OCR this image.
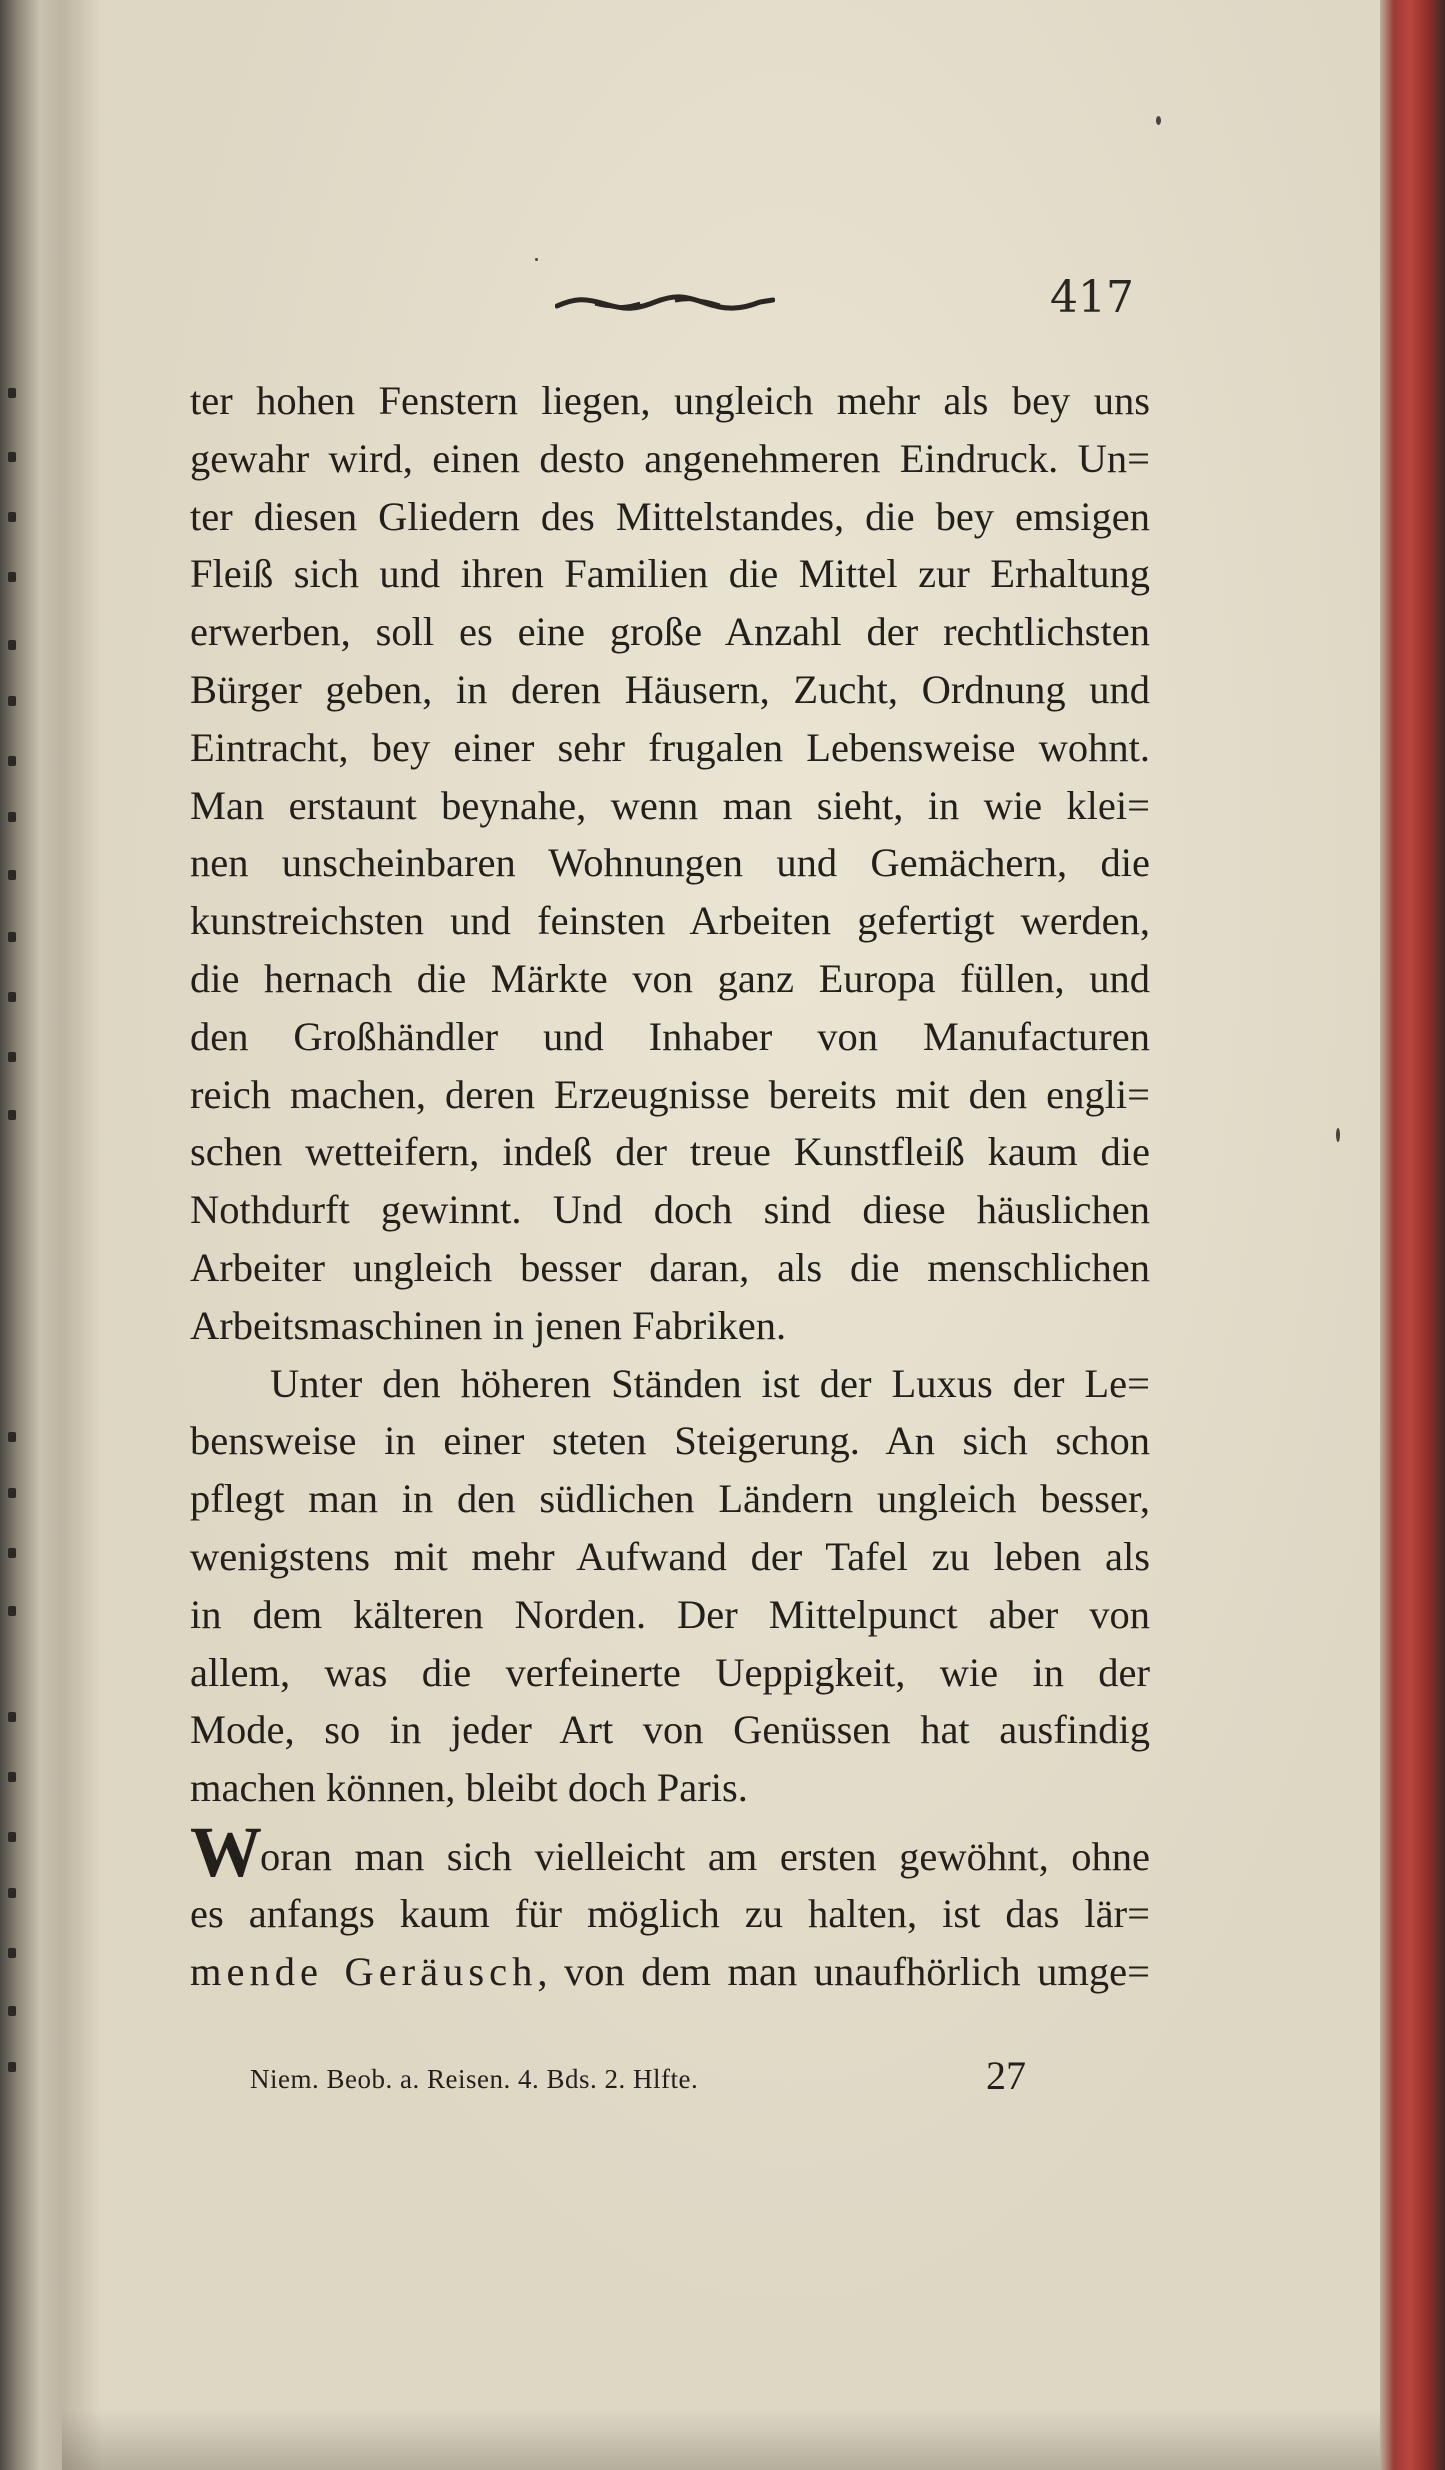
417
ter hohen Fenstern liegen, ungleich mehr als bey uns
gewahr wird, einen desto angenehmeren Eindruck. Un=
ter diesen Gliedern des Mittelstandes, die bey emsigen
Fleiß sich und ihren Familien die Mittel zur Erhaltung
erwerben, soll es eine große Anzahl der rechtlichsten
Bürger geben, in deren Häusern, Zucht, Ordnung und
Eintracht, bey einer sehr frugalen Lebensweise wohnt.
Man erstaunt beynahe, wenn man sieht, in wie klei=
nen unscheinbaren Wohnungen und Gemächern, die
kunstreichsten und feinsten Arbeiten gefertigt werden,
die hernach die Märkte von ganz Europa füllen, und
den Großhändler und Inhaber von Manufacturen
reich machen, deren Erzeugnisse bereits mit den engli=
schen wetteifern, indeß der treue Kunstfleiß kaum die
Nothdurft gewinnt. Und doch sind diese häuslichen
Arbeiter ungleich besser daran, als die menschlichen
Arbeitsmaschinen in jenen Fabriken.
Unter den höheren Ständen ist der Luxus der Le=
bensweise in einer steten Steigerung. An sich schon
pflegt man in den südlichen Ländern ungleich besser,
wenigstens mit mehr Aufwand der Tafel zu leben als
in dem kälteren Norden. Der Mittelpunct aber von
allem, was die verfeinerte Ueppigkeit, wie in der
Mode, so in jeder Art von Genüssen hat ausfindig
machen können, bleibt doch Paris.
Woran man sich vielleicht am ersten gewöhnt, ohne
es anfangs kaum für möglich zu halten, ist das lär=
mende Geräusch, von dem man unaufhörlich umge=
Niem. Beob. a. Reisen. 4. Bds. 2. Hlfte.	27
